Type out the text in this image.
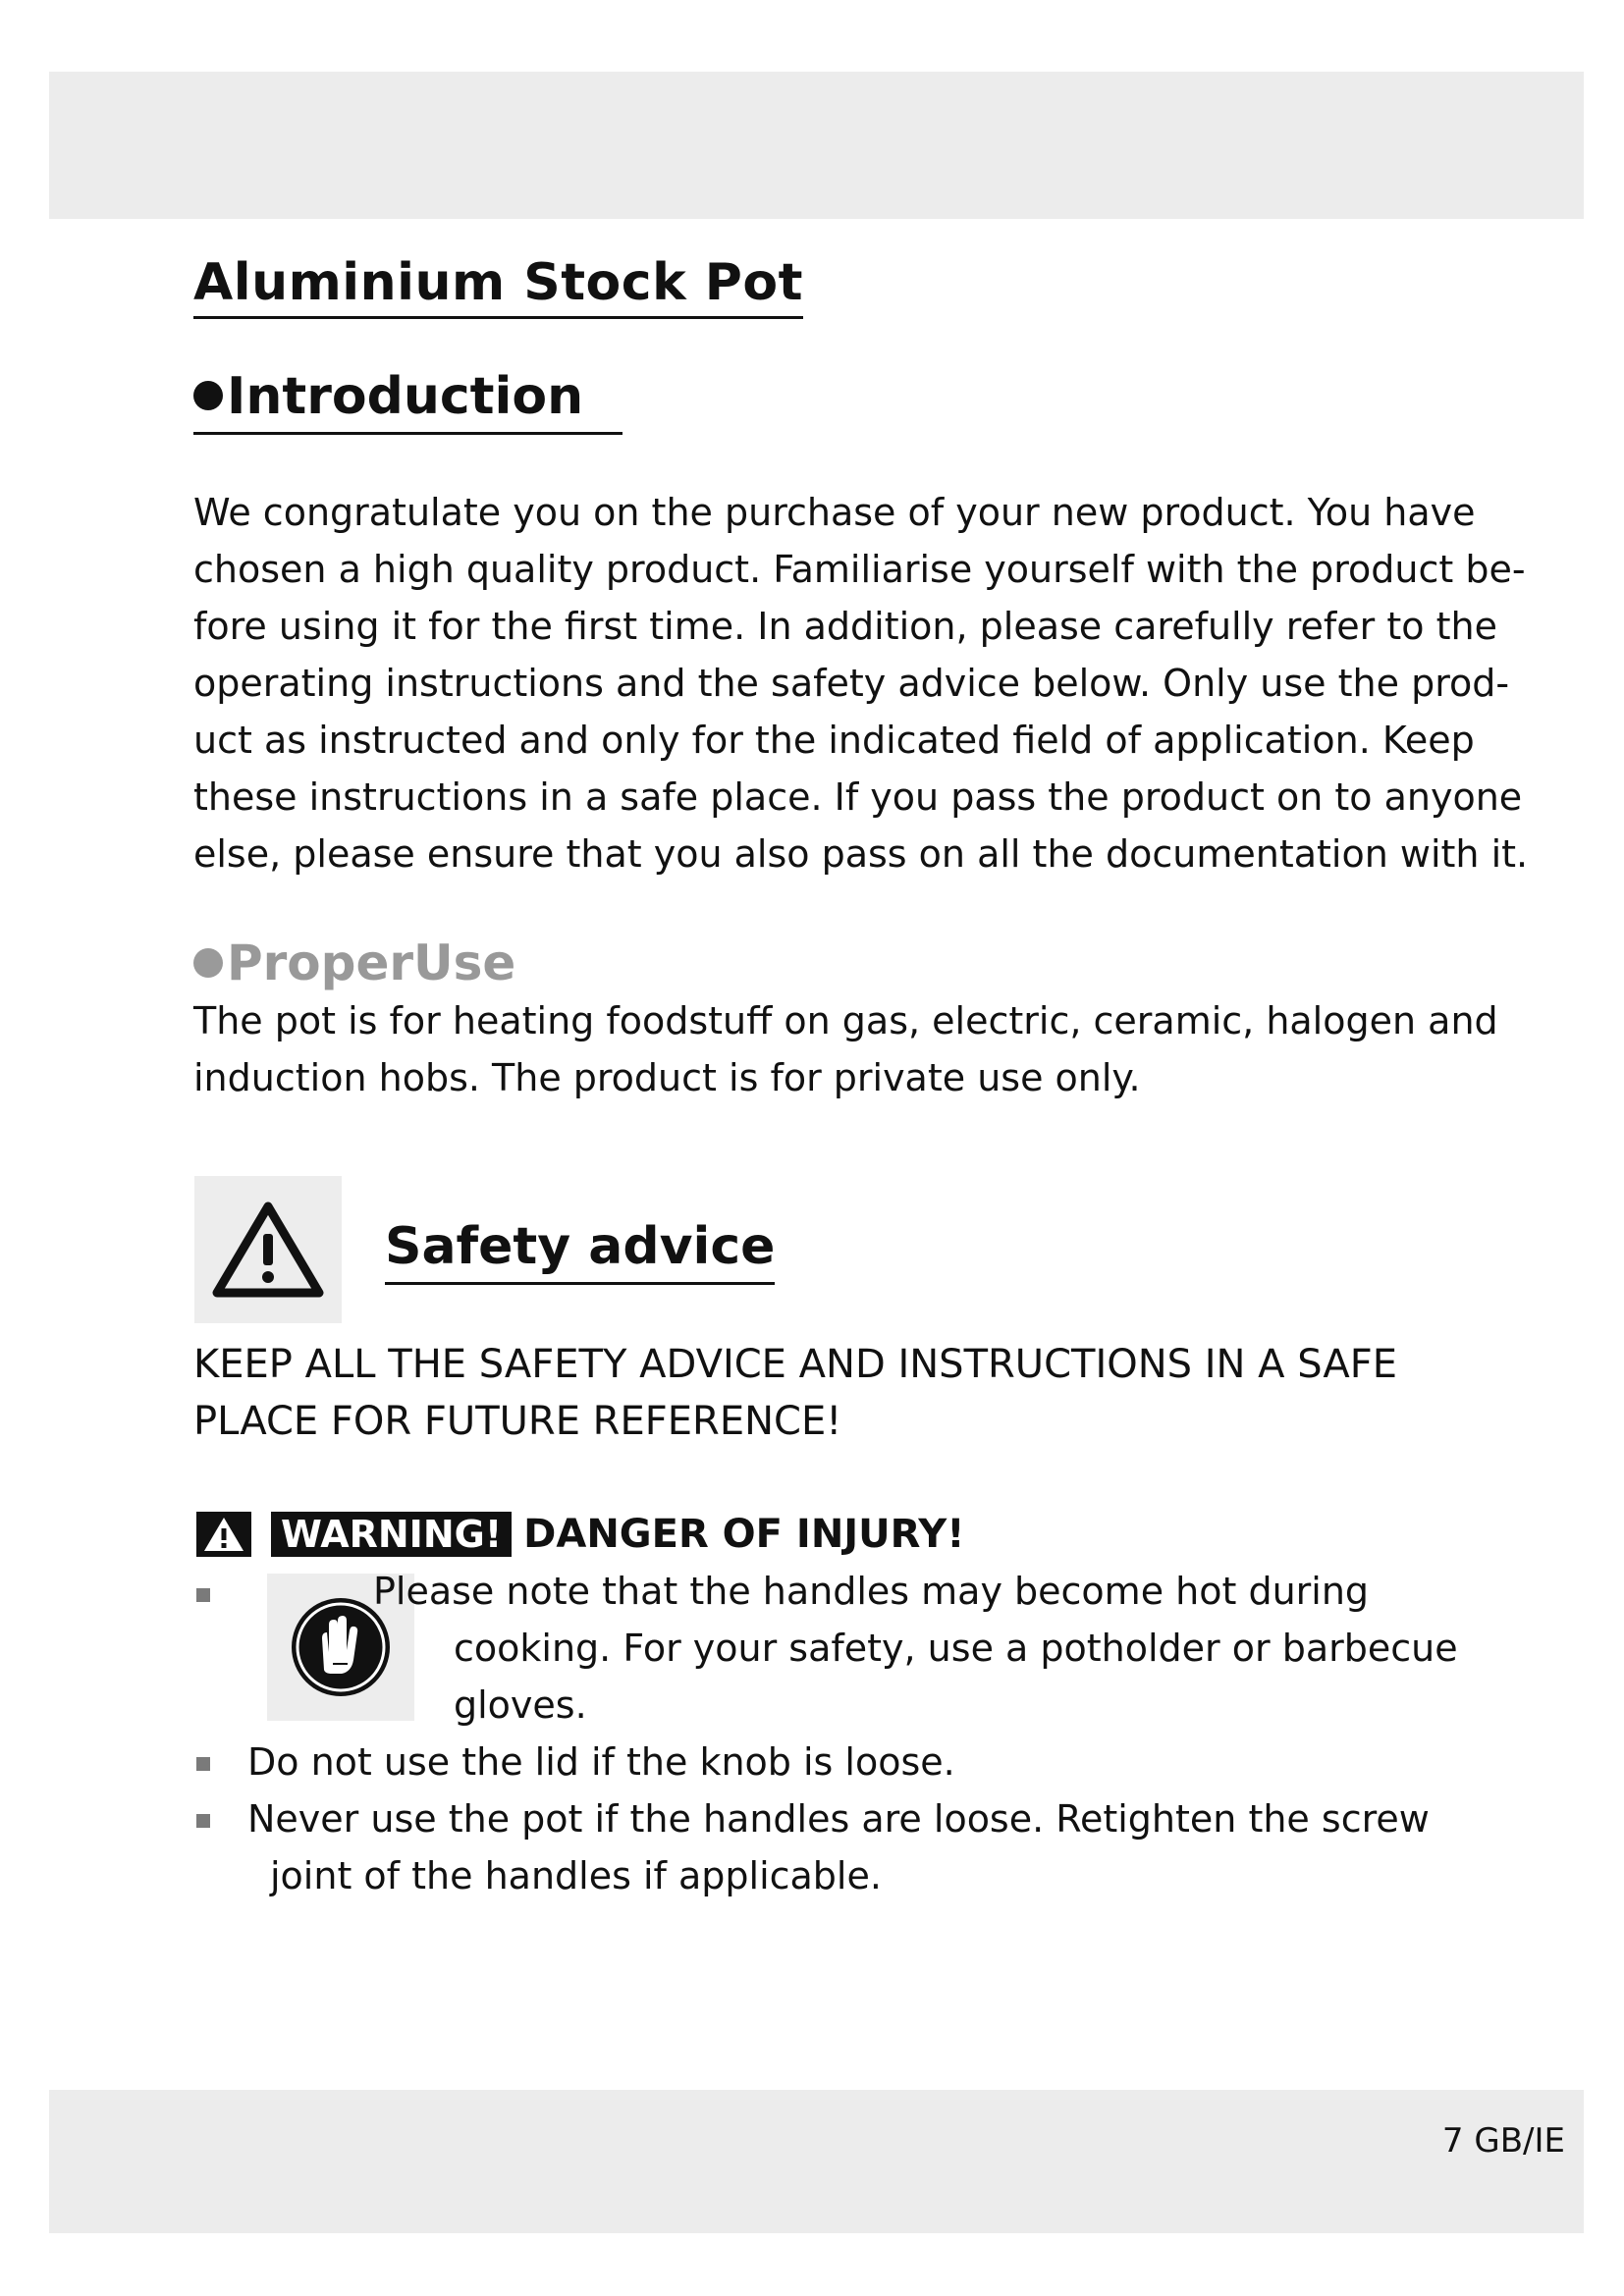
Aluminium Stock Pot
Introduction
We congratulate you on the purchase of your new product. You have
chosen a high quality product. Familiarise yourself with the product be-
fore using it for the first time. In addition, please carefully refer to the
operating instructions and the safety advice below. Only use the prod-
uct as instructed and only for the indicated field of application. Keep
these instructions in a safe place. If you pass the product on to anyone
else, please ensure that you also pass on all the documentation with it.
ProperUse
The pot is for heating foodstuff on gas, electric, ceramic, halogen and
induction hobs. The product is for private use only.
Safety advice
KEEP ALL THE SAFETY ADVICE AND INSTRUCTIONS IN A SAFE
PLACE FOR FUTURE REFERENCE!
WARNING! DANGER OF INJURY!
Please note that the handles may become hot during
cooking. For your safety, use a potholder or barbecue
gloves.
Do not use the lid if the knob is loose.
Never use the pot if the handles are loose. Retighten the screw
joint of the handles if applicable.
7 GB/IE
